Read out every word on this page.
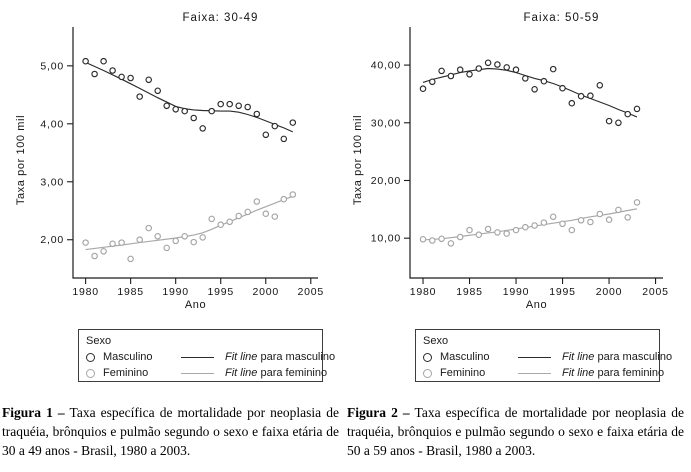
Faixa: 30-49
2,00
3,00
4,00
5,00
1980 1985 1990 1995 2000 2005
Ano
Taxa por 100 mil
Sexo
Masculino	Fit line para masculino
Feminino	Fit line para feminino

Figura 1 – Taxa específica de mortalidade por neoplasia de traquéia, brônquios e pulmão segundo o sexo e faixa etária de 30 a 49 anos - Brasil, 1980 a 2003.

Faixa: 50-59
10,00
20,00
30,00
40,00
1980 1985 1990 1995 2000 2005
Ano
Taxa por 100 mil
Sexo
Masculino	Fit line para masculino
Feminino	Fit line para feminino

Figura 2 – Taxa específica de mortalidade por neoplasia de traquéia, brônquios e pulmão segundo o sexo e faixa etária de 50 a 59 anos - Brasil, 1980 a 2003.
